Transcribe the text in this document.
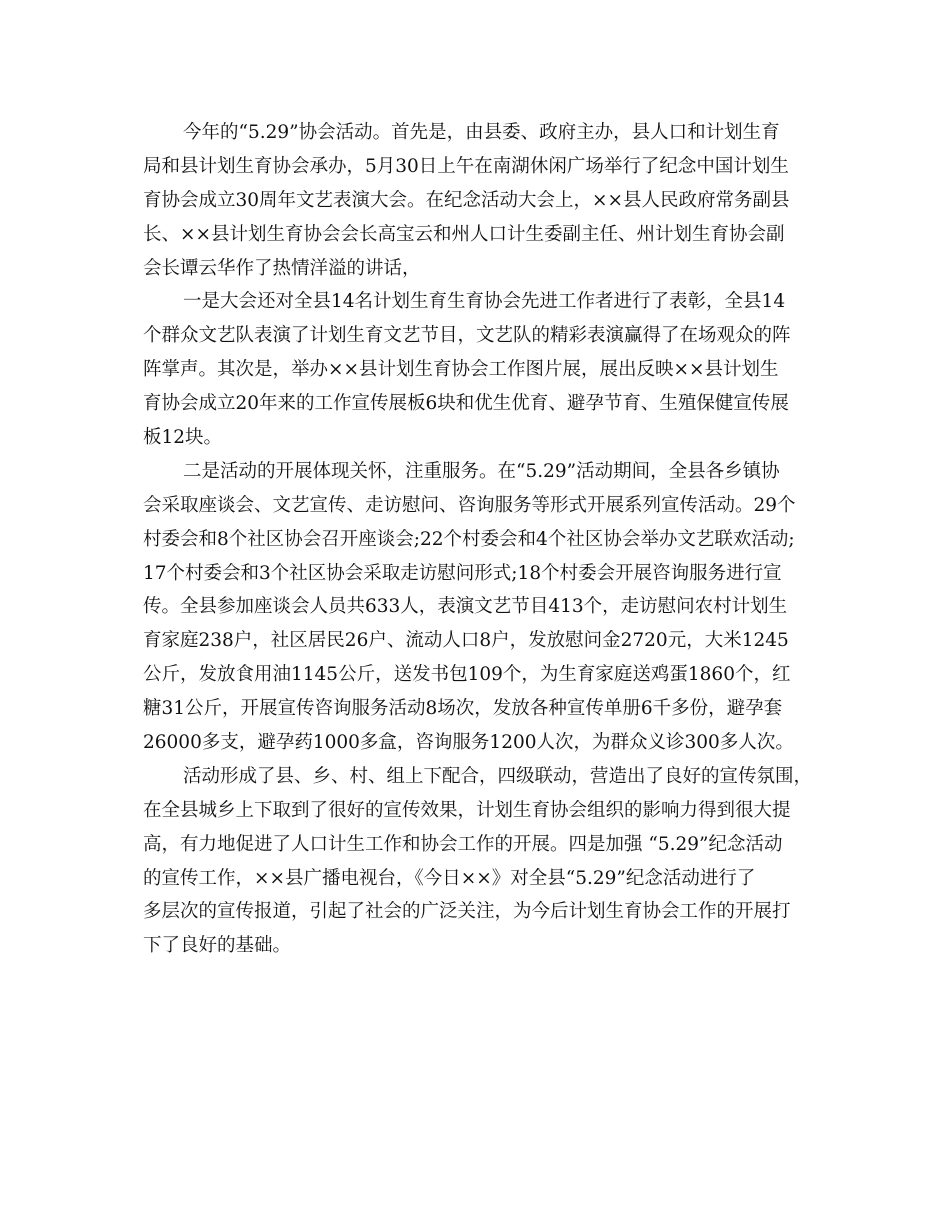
今年的“5.29”协会活动。首先是，由县委、政府主办，县人口和计划生育
局和县计划生育协会承办，5月30日上午在南湖休闲广场举行了纪念中国计划生
育协会成立30周年文艺表演大会。在纪念活动大会上，××县人民政府常务副县
长、××县计划生育协会会长高宝云和州人口计生委副主任、州计划生育协会副
会长谭云华作了热情洋溢的讲话，
一是大会还对全县14名计划生育生育协会先进工作者进行了表彰，全县14
个群众文艺队表演了计划生育文艺节目，文艺队的精彩表演赢得了在场观众的阵
阵掌声。其次是，举办××县计划生育协会工作图片展，展出反映××县计划生
育协会成立20年来的工作宣传展板6块和优生优育、避孕节育、生殖保健宣传展
板12块。
二是活动的开展体现关怀，注重服务。在“5.29”活动期间，全县各乡镇协
会采取座谈会、文艺宣传、走访慰问、咨询服务等形式开展系列宣传活动。29个
村委会和8个社区协会召开座谈会;22个村委会和4个社区协会举办文艺联欢活动;
17个村委会和3个社区协会采取走访慰问形式;18个村委会开展咨询服务进行宣
传。全县参加座谈会人员共633人，表演文艺节目413个，走访慰问农村计划生
育家庭238户，社区居民26户、流动人口8户，发放慰问金2720元，大米1245
公斤，发放食用油1145公斤，送发书包109个，为生育家庭送鸡蛋1860个，红
糖31公斤，开展宣传咨询服务活动8场次，发放各种宣传单册6千多份，避孕套
26000多支，避孕药1000多盒，咨询服务1200人次，为群众义诊300多人次。
活动形成了县、乡、村、组上下配合，四级联动，营造出了良好的宣传氛围，
在全县城乡上下取到了很好的宣传效果，计划生育协会组织的影响力得到很大提
高，有力地促进了人口计生工作和协会工作的开展。四是加强 “5.29”纪念活动
的宣传工作，××县广播电视台，《今日××》对全县“5.29”纪念活动进行了
多层次的宣传报道，引起了社会的广泛关注，为今后计划生育协会工作的开展打
下了良好的基础。
